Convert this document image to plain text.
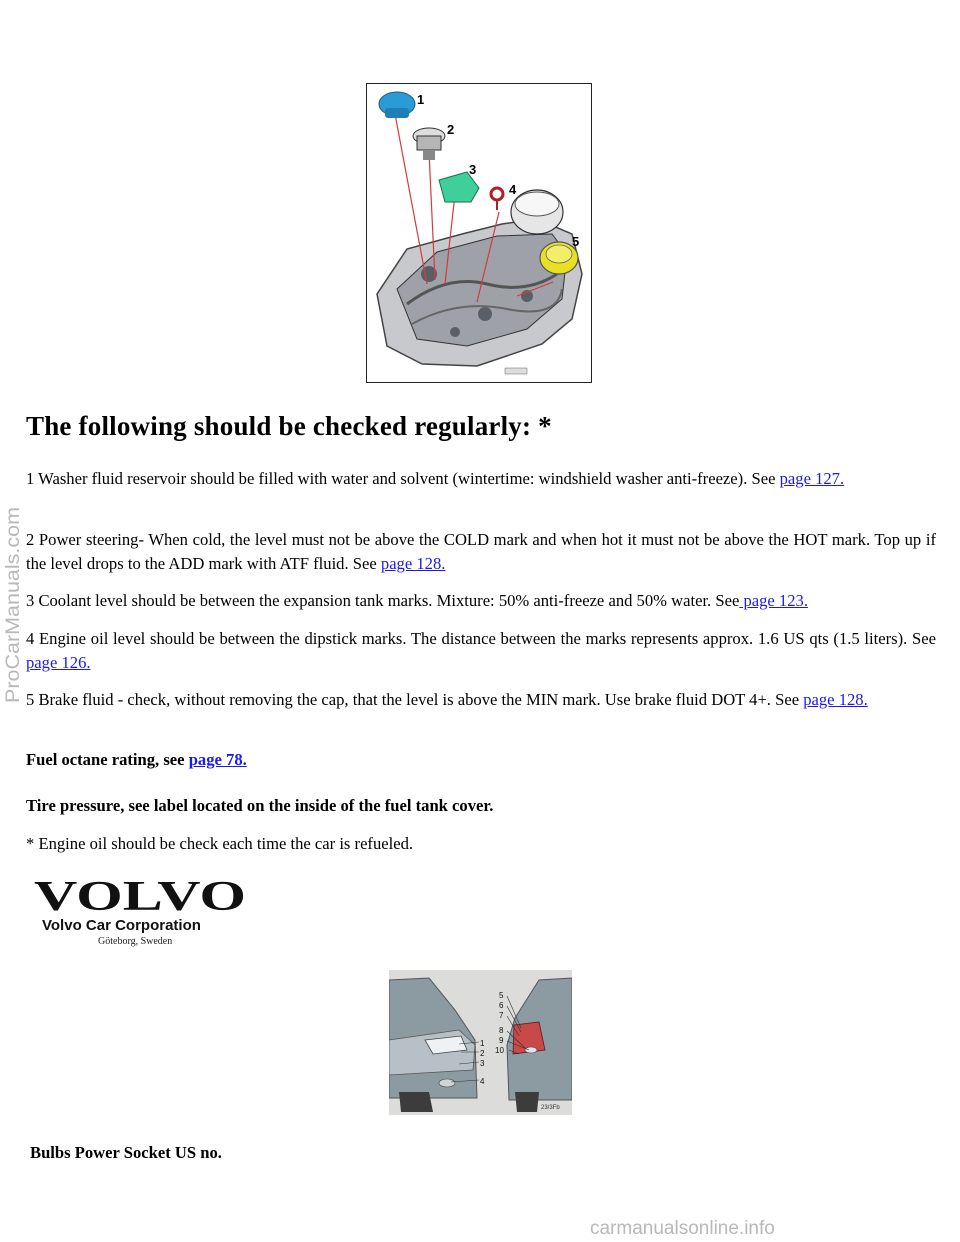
1
2
3
4
5
The following should be checked regularly: *

1 Washer fluid reservoir should be filled with water and solvent (wintertime: windshield washer anti-freeze). See page 127.

2 Power steering- When cold, the level must not be above the COLD mark and when hot it must not be above the HOT mark. Top up if the level drops to the ADD mark with ATF fluid. See page 128.

3 Coolant level should be between the expansion tank marks. Mixture: 50% anti-freeze and 50% water. See page 123.

4 Engine oil level should be between the dipstick marks. The distance between the marks represents approx. 1.6 US qts (1.5 liters). See page 126.

5 Brake fluid - check, without removing the cap, that the level is above the MIN mark. Use brake fluid DOT 4+. See page 128.

Fuel octane rating, see page 78.

Tire pressure, see label located on the inside of the fuel tank cover.

* Engine oil should be check each time the car is refueled.

VOLVO
Volvo Car Corporation
Göteborg, Sweden
1
2
3
4
5
6
7
8
9
10
23/3Fb

Bulbs Power Socket US no.

ProCarManuals.com
carmanualsonline.info
